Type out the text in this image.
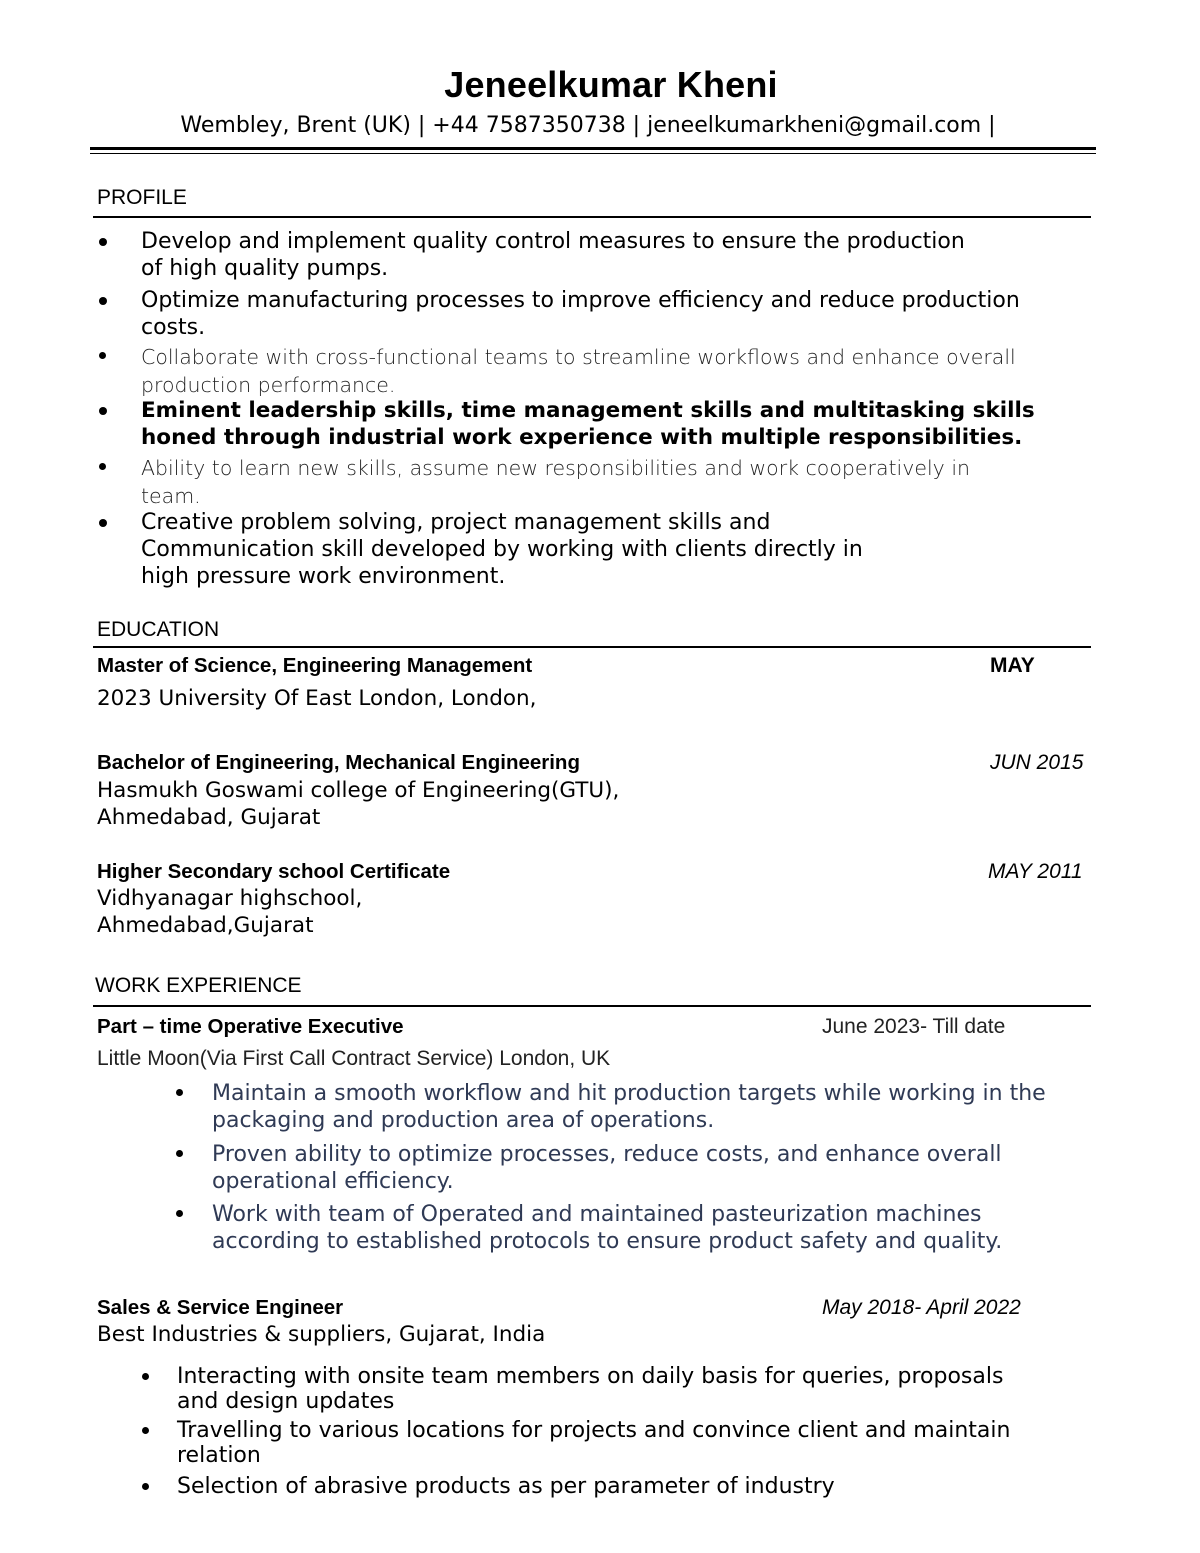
Jeneelkumar Kheni
Wembley, Brent (UK) | +44 7587350738 | jeneelkumarkheni@gmail.com |
PROFILE
Develop and implement quality control measures to ensure the production
of high quality pumps.
Optimize manufacturing processes to improve efficiency and reduce production
costs.
Collaborate with cross-functional teams to streamline workflows and enhance overall
production performance.
Eminent leadership skills, time management skills and multitasking skills
honed through industrial work experience with multiple responsibilities.
Ability to learn new skills, assume new responsibilities and work cooperatively in
team.
Creative problem solving, project management skills and
Communication skill developed by working with clients directly in
high pressure work environment.
EDUCATION
Master of Science, Engineering Management	MAY
2023 University Of East London, London,
Bachelor of Engineering, Mechanical Engineering	JUN 2015
Hasmukh Goswami college of Engineering(GTU),
Ahmedabad, Gujarat
Higher Secondary school Certificate	MAY 2011
Vidhyanagar highschool,
Ahmedabad,Gujarat
WORK EXPERIENCE
Part – time Operative Executive	June 2023- Till date
Little Moon(Via First Call Contract Service) London, UK
Maintain a smooth workflow and hit production targets while working in the
packaging and production area of operations.
Proven ability to optimize processes, reduce costs, and enhance overall
operational efficiency.
Work with team of Operated and maintained pasteurization machines
according to established protocols to ensure product safety and quality.
Sales & Service Engineer	May 2018- April 2022
Best Industries & suppliers, Gujarat, India
Interacting with onsite team members on daily basis for queries, proposals
and design updates
Travelling to various locations for projects and convince client and maintain
relation
Selection of abrasive products as per parameter of industry
